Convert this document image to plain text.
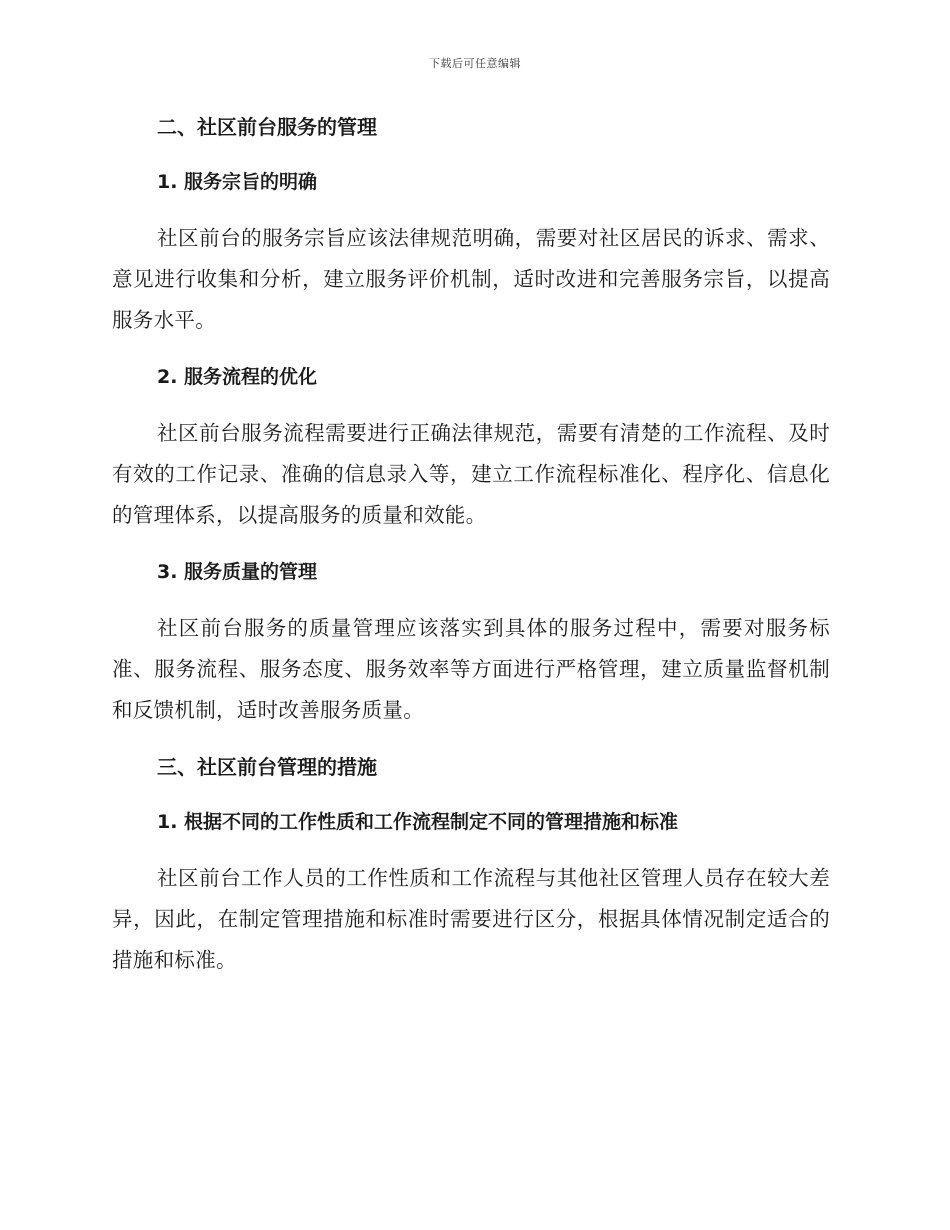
下载后可任意编辑
二、社区前台服务的管理
1. 服务宗旨的明确

社区前台的服务宗旨应该法律规范明确，需要对社区居民的诉求、需求、意见进行收集和分析，建立服务评价机制，适时改进和完善服务宗旨，以提高服务水平。

2. 服务流程的优化

社区前台服务流程需要进行正确法律规范，需要有清楚的工作流程、及时有效的工作记录、准确的信息录入等，建立工作流程标准化、程序化、信息化的管理体系，以提高服务的质量和效能。

3. 服务质量的管理

社区前台服务的质量管理应该落实到具体的服务过程中，需要对服务标准、服务流程、服务态度、服务效率等方面进行严格管理，建立质量监督机制和反馈机制，适时改善服务质量。

三、社区前台管理的措施
1. 根据不同的工作性质和工作流程制定不同的管理措施和标准

社区前台工作人员的工作性质和工作流程与其他社区管理人员存在较大差异，因此，在制定管理措施和标准时需要进行区分，根据具体情况制定适合的措施和标准。
